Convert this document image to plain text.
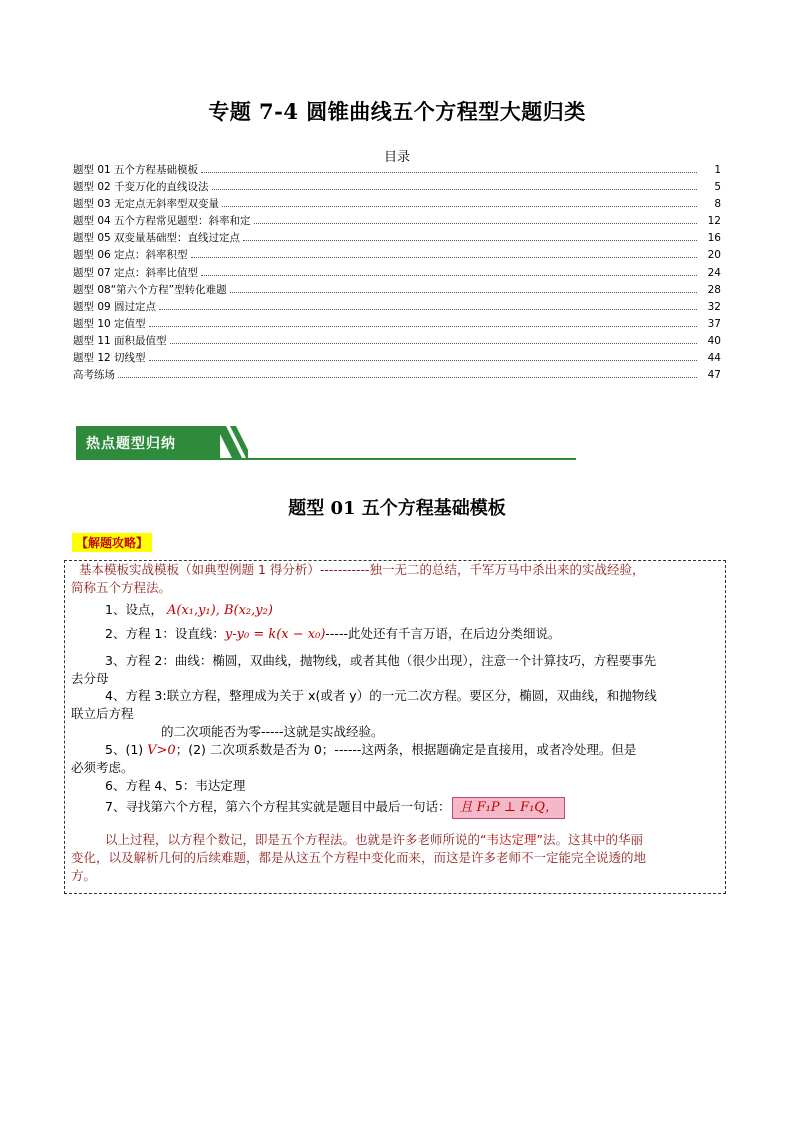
专题 7-4 圆锥曲线五个方程型大题归类
目录
题型 01 五个方程基础模板	1
题型 02 千变万化的直线设法	5
题型 03 无定点无斜率型双变量	8
题型 04 五个方程常见题型：斜率和定	12
题型 05 双变量基础型：直线过定点	16
题型 06 定点：斜率积型	20
题型 07 定点：斜率比值型	24
题型 08“第六个方程”型转化难题	28
题型 09 圆过定点	32
题型 10 定值型	37
题型 11 面积最值型	40
题型 12 切线型	44
高考练场	47
热点题型归纳
题型 01 五个方程基础模板
【解题攻略】
基本模板实战模板（如典型例题 1 得分析）-----------独一无二的总结，千军万马中杀出来的实战经验，
简称五个方程法。
1、设点， A(x₁,y₁), B(x₂,y₂)
2、方程 1：设直线：y-y₀ = k(x − x₀)-----此处还有千言万语，在后边分类细说。
3、方程 2：曲线：椭圆，双曲线，抛物线，或者其他（很少出现），注意一个计算技巧，方程要事先
去分母
4、方程 3:联立方程，整理成为关于 x(或者 y）的一元二次方程。要区分，椭圆，双曲线，和抛物线
联立后方程
的二次项能否为零-----这就是实战经验。
5、(1) V>0；(2) 二次项系数是否为 0；------这两条，根据题确定是直接用，或者冷处理。但是
必须考虑。
6、方程 4、5：韦达定理
7、寻找第六个方程，第六个方程其实就是题目中最后一句话： 且 F₁P ⊥ F₁Q，
以上过程，以方程个数记，即是五个方程法。也就是许多老师所说的“韦达定理”法。这其中的华丽
变化，以及解析几何的后续难题，都是从这五个方程中变化而来，而这是许多老师不一定能完全说透的地
方。
